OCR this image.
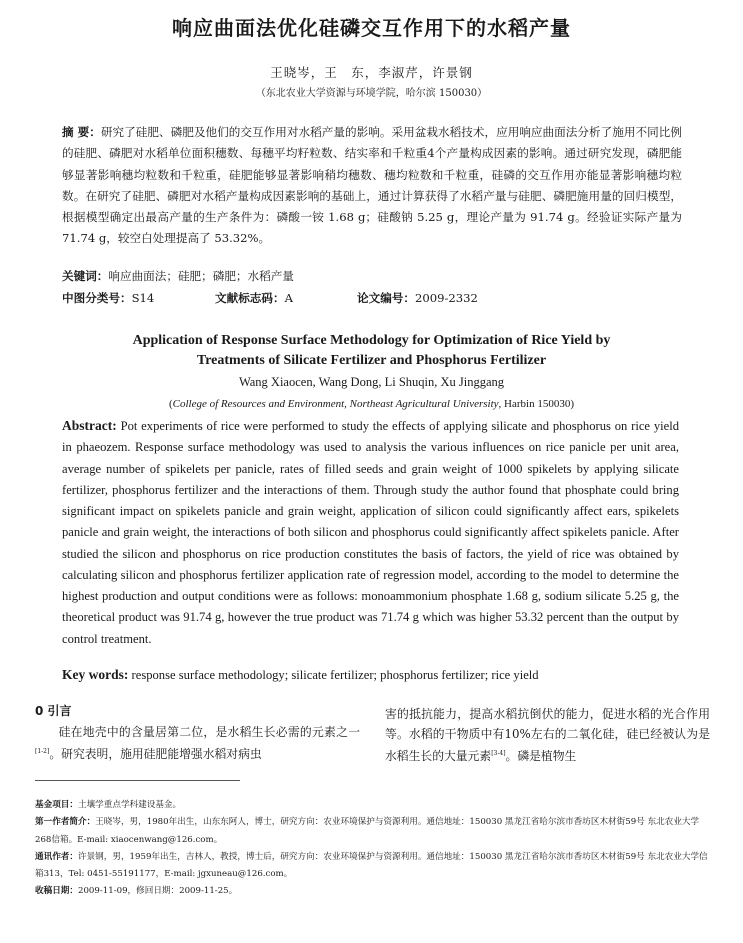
响应曲面法优化硅磷交互作用下的水稻产量
王晓岑，王　东，李淑芹，许景钢
（东北农业大学资源与环境学院，哈尔滨 150030）
摘 要：研究了硅肥、磷肥及他们的交互作用对水稻产量的影响。采用盆栽水稻技术，应用响应曲面法分析了施用不同比例的硅肥、磷肥对水稻单位面积穗数、每穗平均籽粒数、结实率和千粒重4个产量构成因素的影响。通过研究发现，磷肥能够显著影响穗均粒数和千粒重，硅肥能够显著影响稍均穗数、穗均粒数和千粒重，硅磷的交互作用亦能显著影响穗均粒数。在研究了硅肥、磷肥对水稻产量构成因素影响的基础上，通过计算获得了水稻产量与硅肥、磷肥施用量的回归模型，根据模型确定出最高产量的生产条件为：磷酸一铵 1.68 g；硅酸钠 5.25 g，理论产量为 91.74 g。经验证实际产量为 71.74 g，较空白处理提高了 53.32%。
关键词：响应曲面法；硅肥；磷肥；水稻产量
中图分类号：S14	文献标志码：A	论文编号：2009-2332
Application of Response Surface Methodology for Optimization of Rice Yield by
Treatments of Silicate Fertilizer and Phosphorus Fertilizer
Wang Xiaocen, Wang Dong, Li Shuqin, Xu Jinggang
(College of Resources and Environment, Northeast Agricultural University, Harbin 150030)
Abstract: Pot experiments of rice were performed to study the effects of applying silicate and phosphorus on rice yield in phaeozem. Response surface methodology was used to analysis the various influences on rice panicle per unit area, average number of spikelets per panicle, rates of filled seeds and grain weight of 1000 spikelets by applying silicate fertilizer, phosphorus fertilizer and the interactions of them. Through study the author found that phosphate could bring significant impact on spikelets panicle and grain weight, application of silicon could significantly affect ears, spikelets panicle and grain weight, the interactions of both silicon and phosphorus could significantly affect spikelets panicle. After studied the silicon and phosphorus on rice production constitutes the basis of factors, the yield of rice was obtained by calculating silicon and phosphorus fertilizer application rate of regression model, according to the model to determine the highest production and output conditions were as follows: monoammonium phosphate 1.68 g, sodium silicate 5.25 g, the theoretical product was 91.74 g, however the true product was 71.74 g which was higher 53.32 percent than the output by control treatment.
Key words: response surface methodology; silicate fertilizer; phosphorus fertilizer; rice yield
0 引言
硅在地壳中的含量居第二位，是水稻生长必需的元素之一[1-2]。研究表明，施用硅肥能增强水稻对病虫
害的抵抗能力，提高水稻抗倒伏的能力，促进水稻的光合作用等。水稻的干物质中有10%左右的二氧化硅，硅已经被认为是水稻生长的大量元素[3-4]。磷是植物生

基金项目：土壤学重点学科建设基金。

第一作者简介：王晓岑，男，1980年出生，山东东阿人，博士，研究方向：农业环境保护与资源利用。通信地址：150030 黑龙江省哈尔滨市香坊区木材街59号 东北农业大学268信箱。E-mail: xiaocenwang@126.com。

通讯作者：许景钢，男，1959年出生，吉林人，教授，博士后，研究方向：农业环境保护与资源利用。通信地址：150030 黑龙江省哈尔滨市香坊区木材街59号 东北农业大学信箱313，Tel: 0451-55191177，E-mail: jgxuneau@126.com。

收稿日期：2009-11-09，修回日期：2009-11-25。
